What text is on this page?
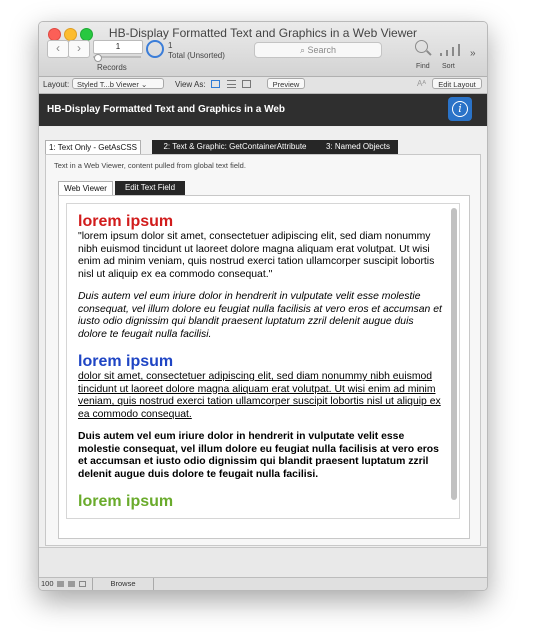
HB-Display Formatted Text and Graphics in a Web Viewer
‹	›	1
Records
1
Total (Unsorted)
⌕ Search
Find Sort
»
Layout:	Styled T...b Viewer ⌄	View As:	Preview	Aᴬ	Edit Layout
HB-Display Formatted Text and Graphics in a Web	i
1: Text Only - GetAsCSS	2: Text & Graphic: GetContainerAttribute	3: Named Objects
Text in a Web Viewer, content pulled from global text field.
Web Viewer	Edit Text Field

lorem ipsum

"lorem ipsum dolor sit amet, consectetuer adipiscing elit, sed diam nonummy nibh euismod tincidunt ut laoreet dolore magna aliquam erat volutpat. Ut wisi enim ad minim veniam, quis nostrud exerci tation ullamcorper suscipit lobortis nisl ut aliquip ex ea commodo consequat."

Duis autem vel eum iriure dolor in hendrerit in vulputate velit esse molestie consequat, vel illum dolore eu feugiat nulla facilisis at vero eros et accumsan et iusto odio dignissim qui blandit praesent luptatum zzril delenit augue duis dolore te feugait nulla facilisi.

lorem ipsum

dolor sit amet, consectetuer adipiscing elit, sed diam nonummy nibh euismod tincidunt ut laoreet dolore magna aliquam erat volutpat. Ut wisi enim ad minim veniam, quis nostrud exerci tation ullamcorper suscipit lobortis nisl ut aliquip ex ea commodo consequat.

Duis autem vel eum iriure dolor in hendrerit in vulputate velit esse molestie consequat, vel illum dolore eu feugiat nulla facilisis at vero eros et accumsan et iusto odio dignissim qui blandit praesent luptatum zzril delenit augue duis dolore te feugait nulla facilisi.

lorem ipsum

100	Browse
